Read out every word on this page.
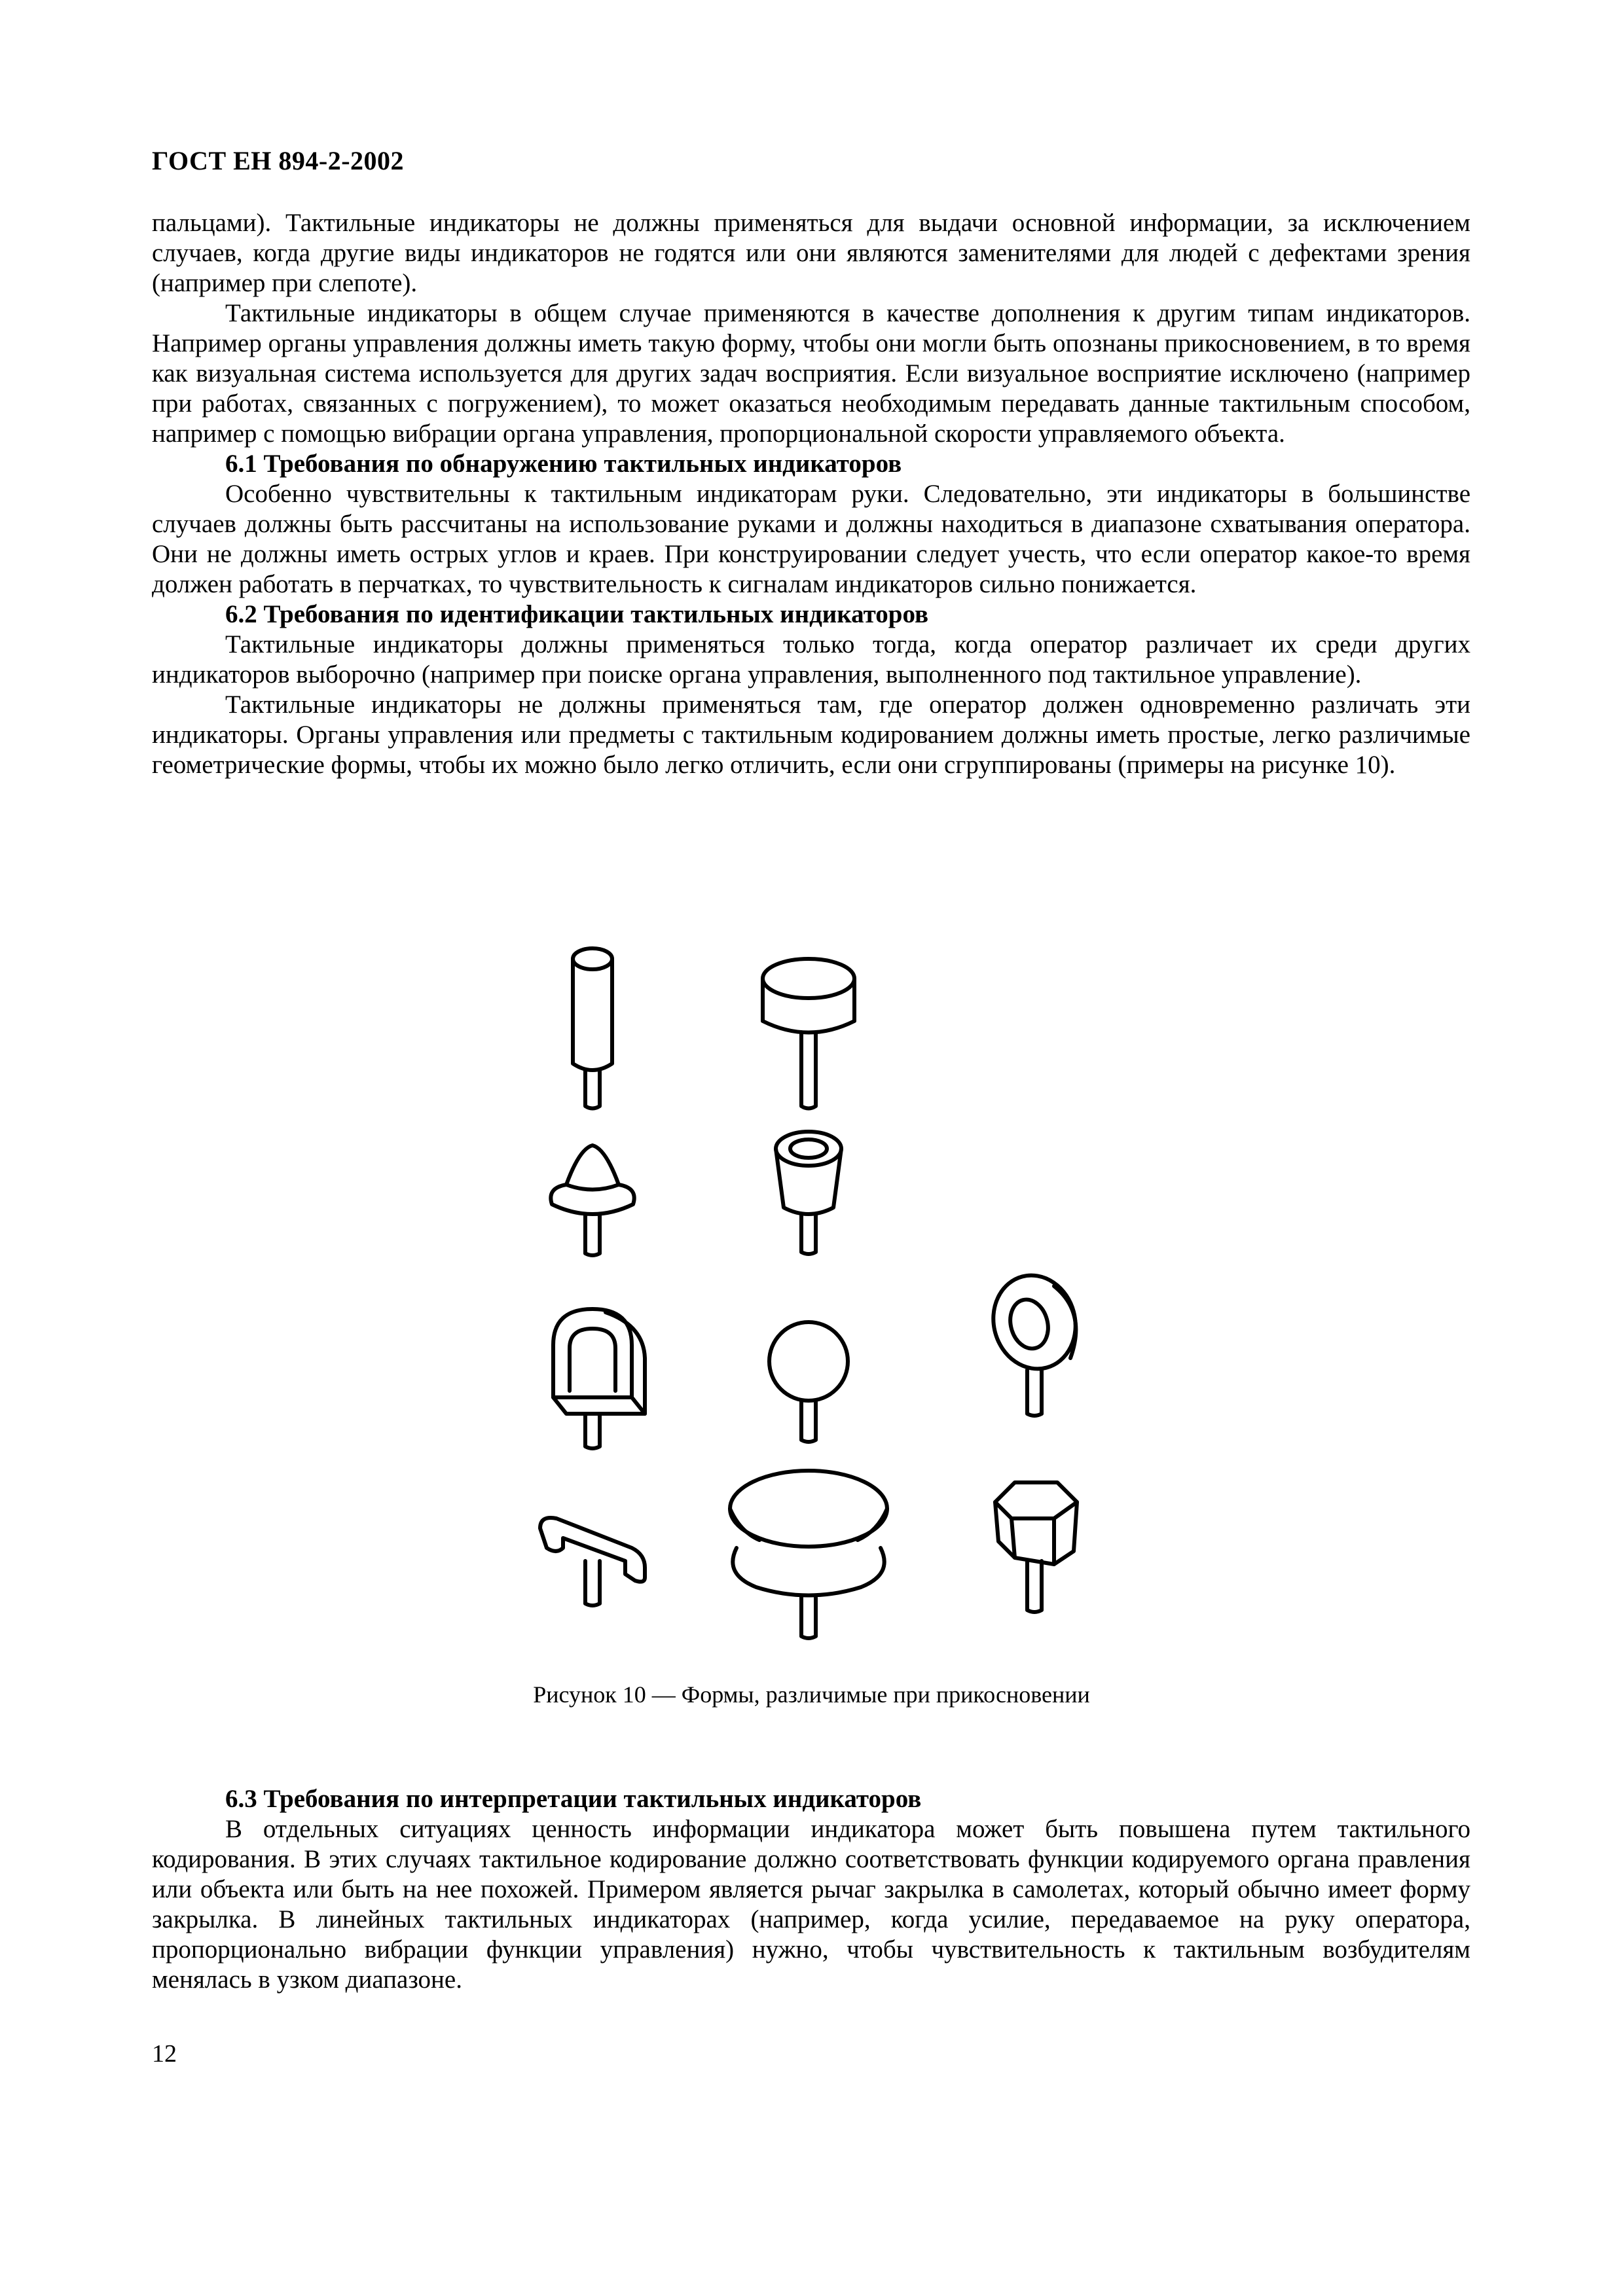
ГОСТ ЕН 894-2-2002

пальцами). Тактильные индикаторы не должны применяться для выдачи основной информации, за исключением случаев, когда другие виды индикаторов не годятся или они являются заменителями для людей с дефектами зрения (например при слепоте).

Тактильные индикаторы в общем случае применяются в качестве дополнения к другим типам индикаторов. Например органы управления должны иметь такую форму, чтобы они могли быть опознаны прикосновением, в то время как визуальная система используется для других задач восприятия. Если визуальное восприятие исключено (например при работах, связанных с погружением), то может оказаться необходимым передавать данные тактильным способом, например с помощью вибрации органа управления, пропорциональной скорости управляемого объекта.

6.1 Требования по обнаружению тактильных индикаторов

Особенно чувствительны к тактильным индикаторам руки. Следовательно, эти индикаторы в большинстве случаев должны быть рассчитаны на использование руками и должны находиться в диапазоне схватывания оператора. Они не должны иметь острых углов и краев. При конструировании следует учесть, что если оператор какое-то время должен работать в перчатках, то чувствительность к сигналам индикаторов сильно понижается.

6.2 Требования по идентификации тактильных индикаторов

Тактильные индикаторы должны применяться только тогда, когда оператор различает их среди других индикаторов выборочно (например при поиске органа управления, выполненного под тактильное управление).

Тактильные индикаторы не должны применяться там, где оператор должен одновременно различать эти индикаторы. Органы управления или предметы с тактильным кодированием должны иметь простые, легко различимые геометрические формы, чтобы их можно было легко отличить, если они сгруппированы (примеры на рисунке 10).

Рисунок 10 — Формы, различимые при прикосновении
6.3 Требования по интерпретации тактильных индикаторов

В отдельных ситуациях ценность информации индикатора может быть повышена путем тактильного кодирования. В этих случаях тактильное кодирование должно соответствовать функции кодируемого органа правления или объекта или быть на нее похожей. Примером является рычаг закрылка в самолетах, который обычно имеет форму закрылка. В линейных тактильных индикаторах (например, когда усилие, передаваемое на руку оператора, пропорционально вибрации функции управления) нужно, чтобы чувствительность к тактильным возбудителям менялась в узком диапазоне.

12
